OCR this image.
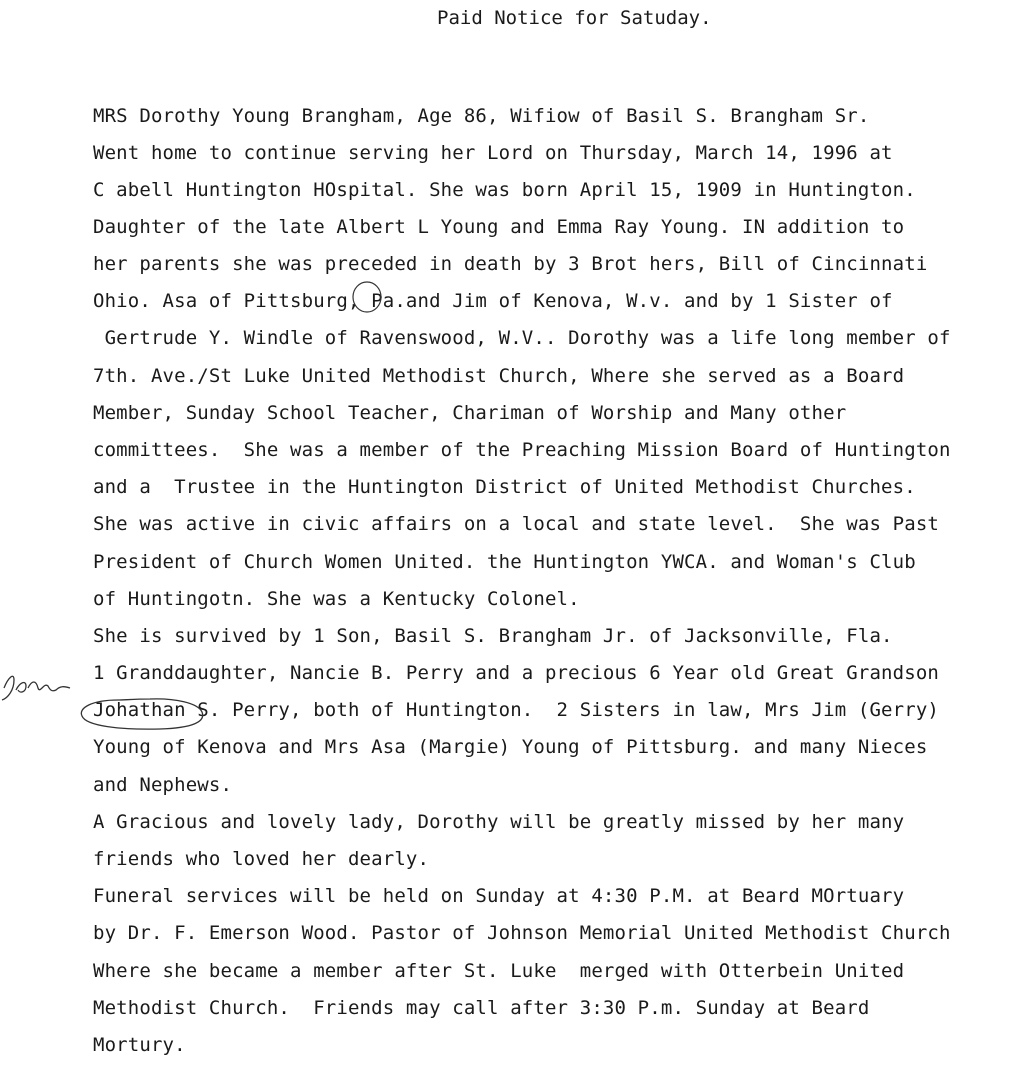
Paid Notice for Satuday.
MRS Dorothy Young Brangham, Age 86, Wifiow of Basil S. Brangham Sr.
Went home to continue serving her Lord on Thursday, March 14, 1996 at
C abell Huntington HOspital. She was born April 15, 1909 in Huntington.
Daughter of the late Albert L Young and Emma Ray Young. IN addition to
her parents she was preceded in death by 3 Brot hers, Bill of Cincinnati
Ohio. Asa of Pittsburg, Pa.and Jim of Kenova, W.v. and by 1 Sister of
Gertrude Y. Windle of Ravenswood, W.V.. Dorothy was a life long member of
7th. Ave./St Luke United Methodist Church, Where she served as a Board
Member, Sunday School Teacher, Chariman of Worship and Many other
committees.  She was a member of the Preaching Mission Board of Huntington
and a  Trustee in the Huntington District of United Methodist Churches.
She was active in civic affairs on a local and state level.  She was Past
President of Church Women United. the Huntington YWCA. and Woman's Club
of Huntingotn. She was a Kentucky Colonel.
She is survived by 1 Son, Basil S. Brangham Jr. of Jacksonville, Fla.
1 Granddaughter, Nancie B. Perry and a precious 6 Year old Great Grandson
Johathan S. Perry, both of Huntington.  2 Sisters in law, Mrs Jim (Gerry)
Young of Kenova and Mrs Asa (Margie) Young of Pittsburg. and many Nieces
and Nephews.
A Gracious and lovely lady, Dorothy will be greatly missed by her many
friends who loved her dearly.
Funeral services will be held on Sunday at 4:30 P.M. at Beard MOrtuary
by Dr. F. Emerson Wood. Pastor of Johnson Memorial United Methodist Church
Where she became a member after St. Luke  merged with Otterbein United
Methodist Church.  Friends may call after 3:30 P.m. Sunday at Beard
Mortury.
